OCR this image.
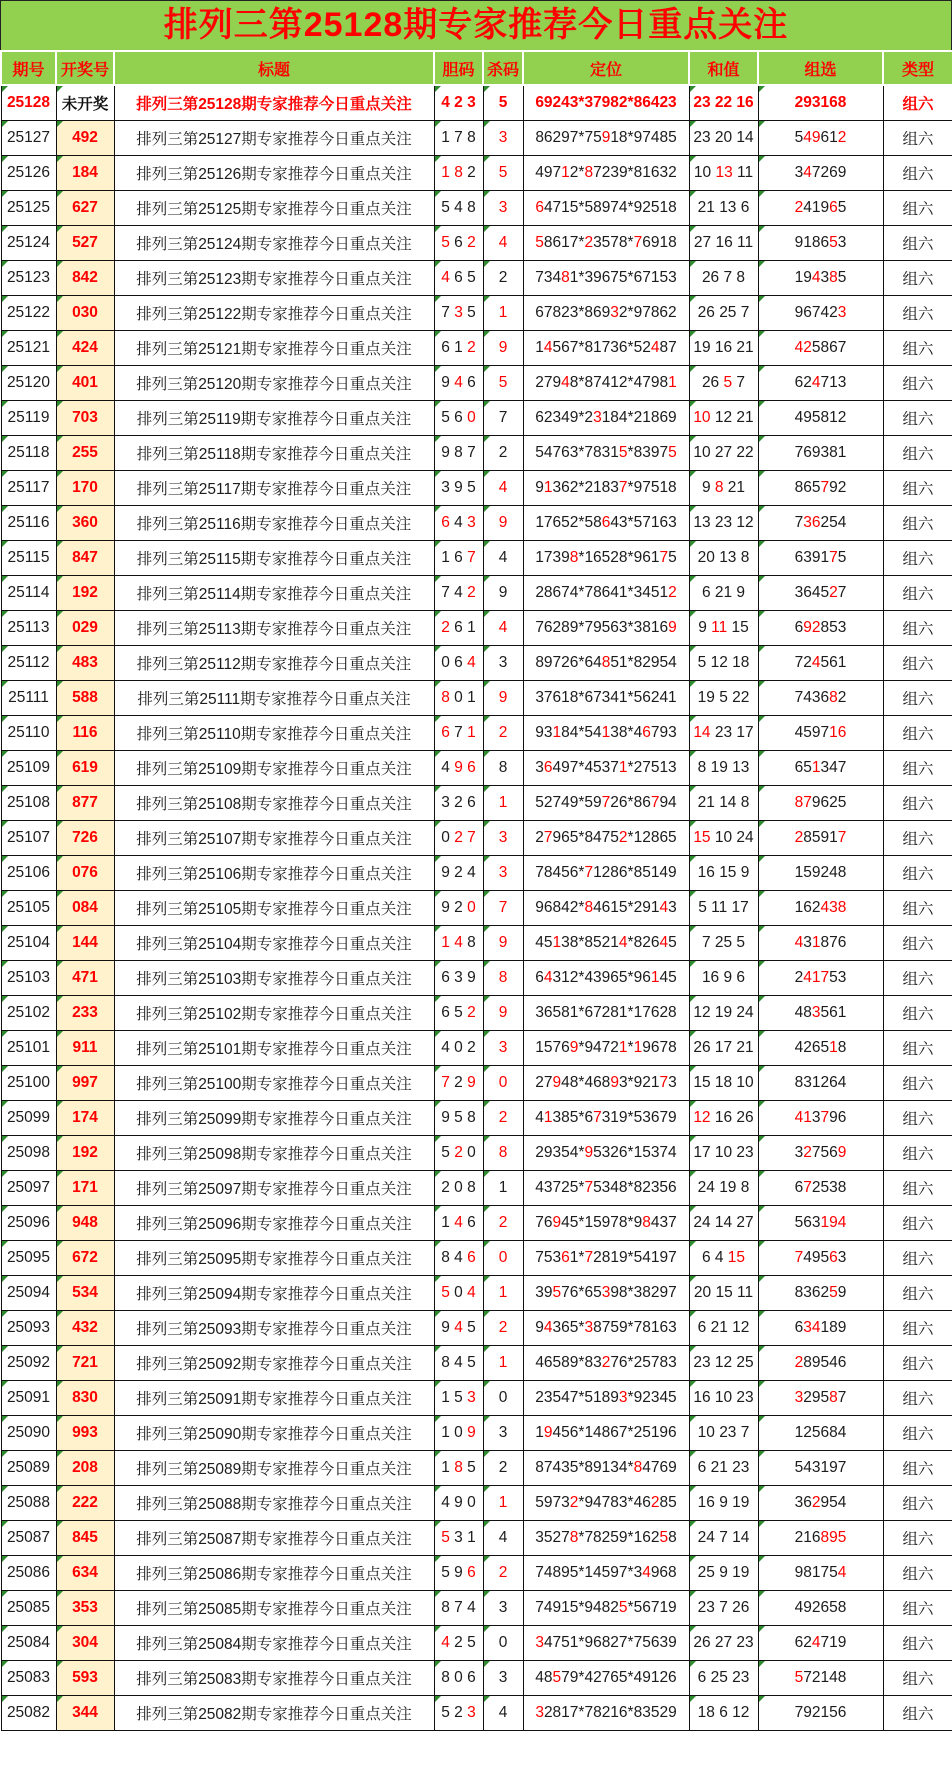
排列三第25128期专家推荐今日重点关注
期号	开奖号	标题	胆码	杀码	定位	和值	组选	类型
25128	未开奖	排列三第25128期专家推荐今日重点关注	4 2 3	5	69243*37982*86423	23 22 16	293168	组六
25127	492	排列三第25127期专家推荐今日重点关注	1 7 8	3	86297*75918*97485	23 20 14	549612	组六
25126	184	排列三第25126期专家推荐今日重点关注	1 8 2	5	49712*87239*81632	10 13 11	347269	组六
25125	627	排列三第25125期专家推荐今日重点关注	5 4 8	3	64715*58974*92518	21 13 6	241965	组六
25124	527	排列三第25124期专家推荐今日重点关注	5 6 2	4	58617*23578*76918	27 16 11	918653	组六
25123	842	排列三第25123期专家推荐今日重点关注	4 6 5	2	73481*39675*67153	26 7 8	194385	组六
25122	030	排列三第25122期专家推荐今日重点关注	7 3 5	1	67823*86932*97862	26 25 7	967423	组六
25121	424	排列三第25121期专家推荐今日重点关注	6 1 2	9	14567*81736*52487	19 16 21	425867	组六
25120	401	排列三第25120期专家推荐今日重点关注	9 4 6	5	27948*87412*47981	26 5 7	624713	组六
25119	703	排列三第25119期专家推荐今日重点关注	5 6 0	7	62349*23184*21869	10 12 21	495812	组六
25118	255	排列三第25118期专家推荐今日重点关注	9 8 7	2	54763*78315*83975	10 27 22	769381	组六
25117	170	排列三第25117期专家推荐今日重点关注	3 9 5	4	91362*21837*97518	9 8 21	865792	组六
25116	360	排列三第25116期专家推荐今日重点关注	6 4 3	9	17652*58643*57163	13 23 12	736254	组六
25115	847	排列三第25115期专家推荐今日重点关注	1 6 7	4	17398*16528*96175	20 13 8	639175	组六
25114	192	排列三第25114期专家推荐今日重点关注	7 4 2	9	28674*78641*34512	6 21 9	364527	组六
25113	029	排列三第25113期专家推荐今日重点关注	2 6 1	4	76289*79563*38169	9 11 15	692853	组六
25112	483	排列三第25112期专家推荐今日重点关注	0 6 4	3	89726*64851*82954	5 12 18	724561	组六
25111	588	排列三第25111期专家推荐今日重点关注	8 0 1	9	37618*67341*56241	19 5 22	743682	组六
25110	116	排列三第25110期专家推荐今日重点关注	6 7 1	2	93184*54138*46793	14 23 17	459716	组六
25109	619	排列三第25109期专家推荐今日重点关注	4 9 6	8	36497*45371*27513	8 19 13	651347	组六
25108	877	排列三第25108期专家推荐今日重点关注	3 2 6	1	52749*59726*86794	21 14 8	879625	组六
25107	726	排列三第25107期专家推荐今日重点关注	0 2 7	3	27965*84752*12865	15 10 24	285917	组六
25106	076	排列三第25106期专家推荐今日重点关注	9 2 4	3	78456*71286*85149	16 15 9	159248	组六
25105	084	排列三第25105期专家推荐今日重点关注	9 2 0	7	96842*84615*29143	5 11 17	162438	组六
25104	144	排列三第25104期专家推荐今日重点关注	1 4 8	9	45138*85214*82645	7 25 5	431876	组六
25103	471	排列三第25103期专家推荐今日重点关注	6 3 9	8	64312*43965*96145	16 9 6	241753	组六
25102	233	排列三第25102期专家推荐今日重点关注	6 5 2	9	36581*67281*17628	12 19 24	483561	组六
25101	911	排列三第25101期专家推荐今日重点关注	4 0 2	3	15769*94721*19678	26 17 21	426518	组六
25100	997	排列三第25100期专家推荐今日重点关注	7 2 9	0	27948*46893*92173	15 18 10	831264	组六
25099	174	排列三第25099期专家推荐今日重点关注	9 5 8	2	41385*67319*53679	12 16 26	413796	组六
25098	192	排列三第25098期专家推荐今日重点关注	5 2 0	8	29354*95326*15374	17 10 23	327569	组六
25097	171	排列三第25097期专家推荐今日重点关注	2 0 8	1	43725*75348*82356	24 19 8	672538	组六
25096	948	排列三第25096期专家推荐今日重点关注	1 4 6	2	76945*15978*98437	24 14 27	563194	组六
25095	672	排列三第25095期专家推荐今日重点关注	8 4 6	0	75361*72819*54197	6 4 15	749563	组六
25094	534	排列三第25094期专家推荐今日重点关注	5 0 4	1	39576*65398*38297	20 15 11	836259	组六
25093	432	排列三第25093期专家推荐今日重点关注	9 4 5	2	94365*38759*78163	6 21 12	634189	组六
25092	721	排列三第25092期专家推荐今日重点关注	8 4 5	1	46589*83276*25783	23 12 25	289546	组六
25091	830	排列三第25091期专家推荐今日重点关注	1 5 3	0	23547*51893*92345	16 10 23	329587	组六
25090	993	排列三第25090期专家推荐今日重点关注	1 0 9	3	19456*14867*25196	10 23 7	125684	组六
25089	208	排列三第25089期专家推荐今日重点关注	1 8 5	2	87435*89134*84769	6 21 23	543197	组六
25088	222	排列三第25088期专家推荐今日重点关注	4 9 0	1	59732*94783*46285	16 9 19	362954	组六
25087	845	排列三第25087期专家推荐今日重点关注	5 3 1	4	35278*78259*16258	24 7 14	216895	组六
25086	634	排列三第25086期专家推荐今日重点关注	5 9 6	2	74895*14597*34968	25 9 19	981754	组六
25085	353	排列三第25085期专家推荐今日重点关注	8 7 4	3	74915*94825*56719	23 7 26	492658	组六
25084	304	排列三第25084期专家推荐今日重点关注	4 2 5	0	34751*96827*75639	26 27 23	624719	组六
25083	593	排列三第25083期专家推荐今日重点关注	8 0 6	3	48579*42765*49126	6 25 23	572148	组六
25082	344	排列三第25082期专家推荐今日重点关注	5 2 3	4	32817*78216*83529	18 6 12	792156	组六
